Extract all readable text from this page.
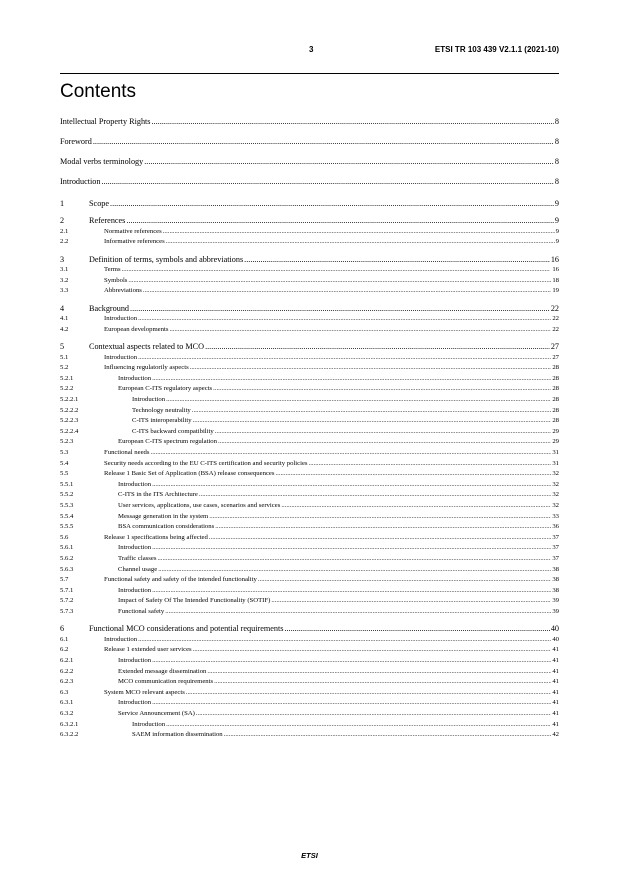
3	ETSI TR 103 439 V2.1.1 (2021-10)
Contents
Intellectual Property Rights .....	8
Foreword .....	8
Modal verbs terminology .....	8
Introduction .....	8
1	Scope .....	9
2	References .....	9
2.1	Normative references .....	9
2.2	Informative references .....	9
3	Definition of terms, symbols and abbreviations .....	16
3.1	Terms .....	16
3.2	Symbols .....	18
3.3	Abbreviations .....	19
4	Background .....	22
4.1	Introduction .....	22
4.2	European developments .....	22
5	Contextual aspects related to MCO .....	27
5.1	Introduction .....	27
5.2	Influencing regulatorily aspects .....	28
5.2.1	Introduction .....	28
5.2.2	European C-ITS regulatory aspects .....	28
5.2.2.1	Introduction .....	28
5.2.2.2	Technology neutrality .....	28
5.2.2.3	C-ITS interoperability .....	28
5.2.2.4	C-ITS backward compatibility .....	29
5.2.3	European C-ITS spectrum regulation .....	29
5.3	Functional needs .....	31
5.4	Security needs according to the EU C-ITS certification and security policies .....	31
5.5	Release 1 Basic Set of Application (BSA) release consequences .....	32
5.5.1	Introduction .....	32
5.5.2	C-ITS in the ITS Architecture .....	32
5.5.3	User services, applications, use cases, scenarios and services .....	32
5.5.4	Message generation in the system .....	33
5.5.5	BSA communication considerations .....	36
5.6	Release 1 specifications being affected .....	37
5.6.1	Introduction .....	37
5.6.2	Traffic classes .....	37
5.6.3	Channel usage .....	38
5.7	Functional safety and safety of the intended functionality .....	38
5.7.1	Introduction .....	38
5.7.2	Impact of Safety Of The Intended Functionality (SOTIF) .....	39
5.7.3	Functional safety .....	39
6	Functional MCO considerations and potential requirements .....	40
6.1	Introduction .....	40
6.2	Release 1 extended user services .....	41
6.2.1	Introduction .....	41
6.2.2	Extended message dissemination .....	41
6.2.3	MCO communication requirements .....	41
6.3	System MCO relevant aspects .....	41
6.3.1	Introduction .....	41
6.3.2	Service Announcement (SA) .....	41
6.3.2.1	Introduction .....	41
6.3.2.2	SAEM information dissemination .....	42
ETSI
